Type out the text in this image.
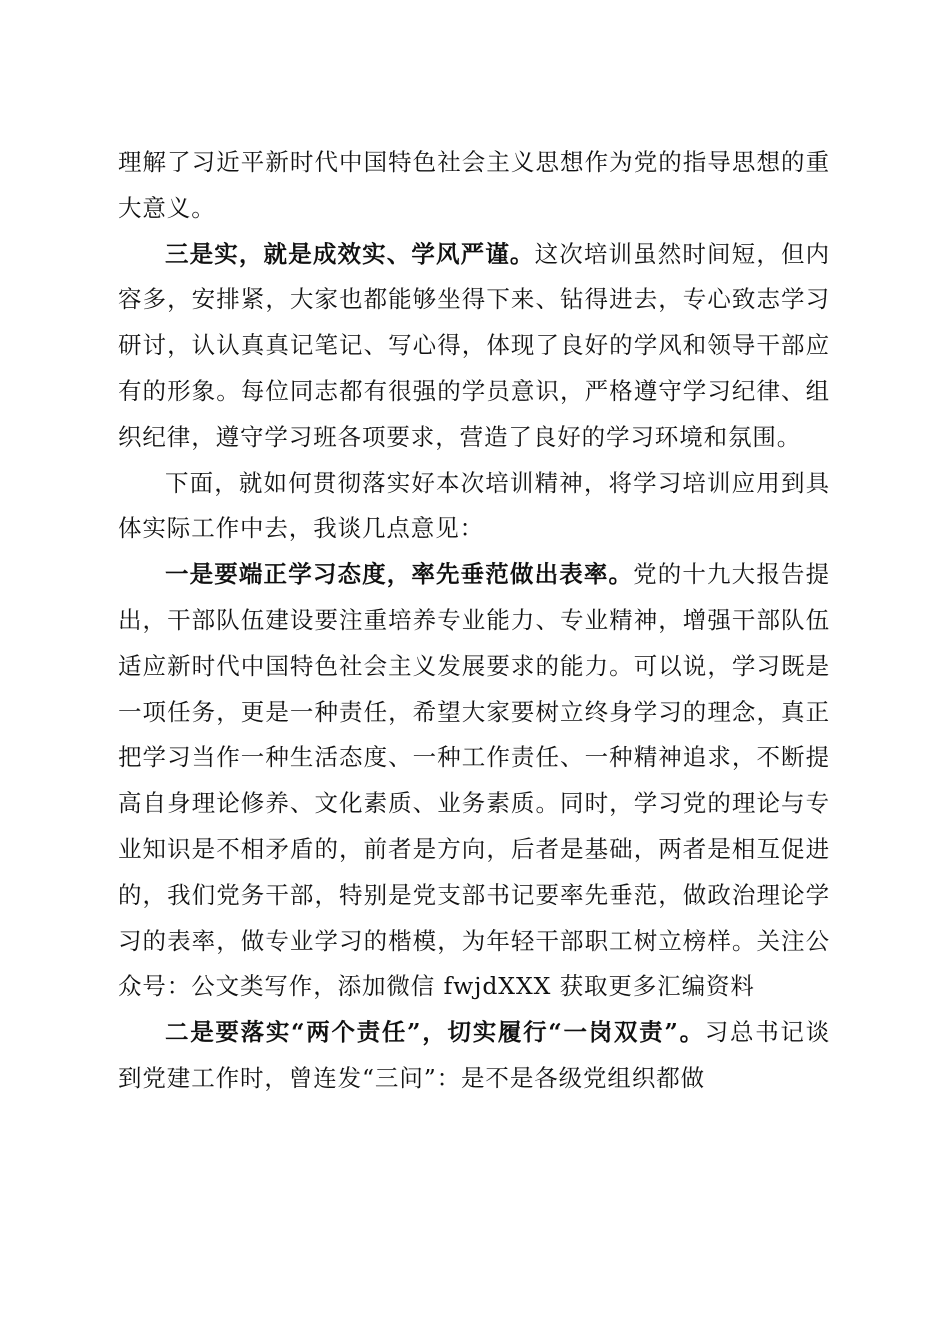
理解了习近平新时代中国特色社会主义思想作为党的指导思想的重大意义。

三是实，就是成效实、学风严谨。这次培训虽然时间短，但内容多，安排紧，大家也都能够坐得下来、钻得进去，专心致志学习研讨，认认真真记笔记、写心得，体现了良好的学风和领导干部应有的形象。每位同志都有很强的学员意识，严格遵守学习纪律、组织纪律，遵守学习班各项要求，营造了良好的学习环境和氛围。

下面，就如何贯彻落实好本次培训精神，将学习培训应用到具体实际工作中去，我谈几点意见：

一是要端正学习态度，率先垂范做出表率。党的十九大报告提出，干部队伍建设要注重培养专业能力、专业精神，增强干部队伍适应新时代中国特色社会主义发展要求的能力。可以说，学习既是一项任务，更是一种责任，希望大家要树立终身学习的理念，真正把学习当作一种生活态度、一种工作责任、一种精神追求，不断提高自身理论修养、文化素质、业务素质。同时，学习党的理论与专业知识是不相矛盾的，前者是方向，后者是基础，两者是相互促进的，我们党务干部，特别是党支部书记要率先垂范，做政治理论学习的表率，做专业学习的楷模，为年轻干部职工树立榜样。关注公众号：公文类写作，添加微信 fwjdXXX 获取更多汇编资料

二是要落实“两个责任”，切实履行“一岗双责”。习总书记谈到党建工作时，曾连发“三问”：是不是各级党组织都做
